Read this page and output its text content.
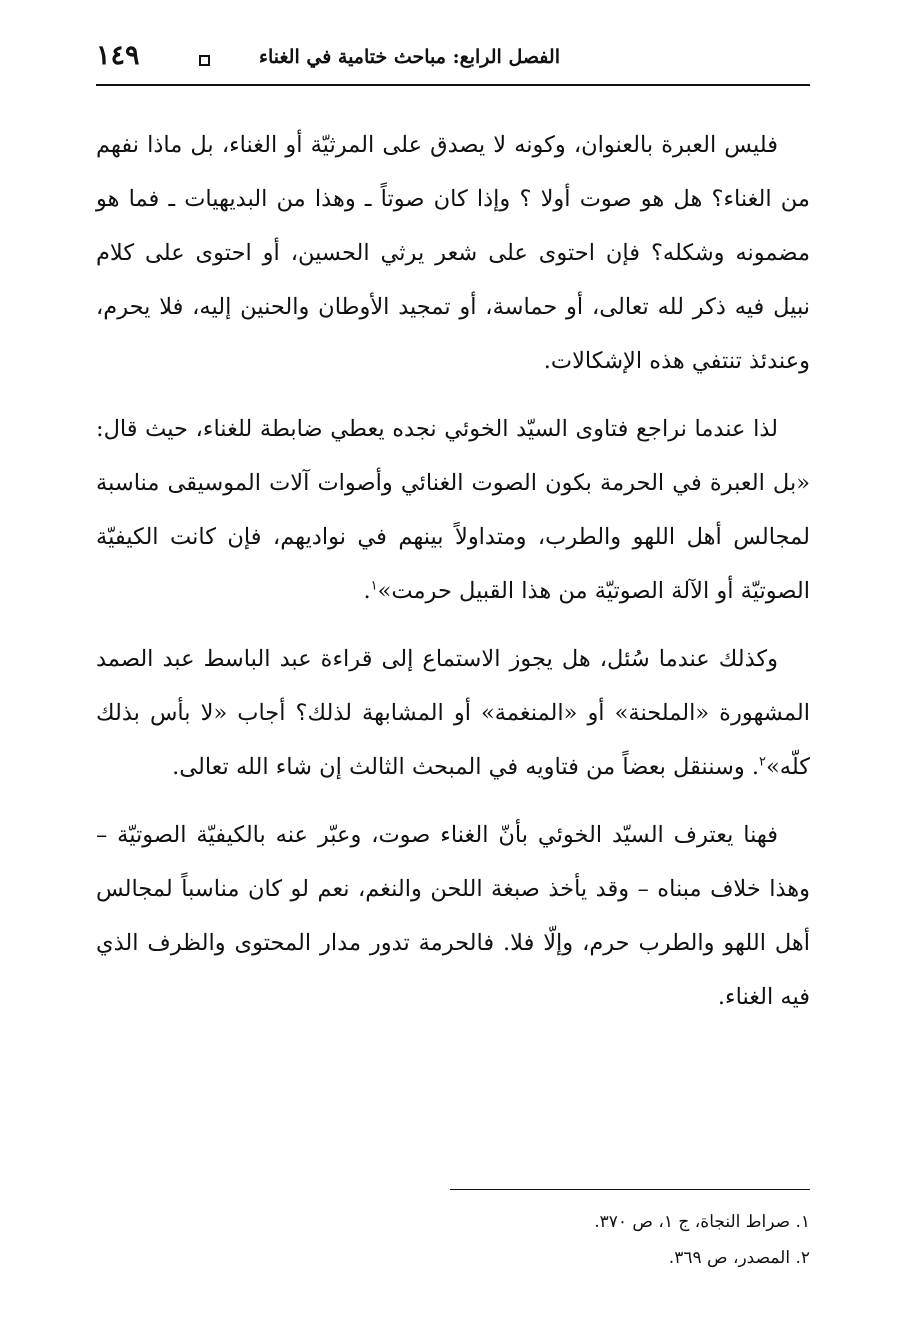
الفصل الرابع: مباحث ختامية في الغناء
١٤٩

فليس العبرة بالعنوان، وكونه لا يصدق على المرثيّة أو الغناء، بل ماذا نفهم من الغناء؟ هل هو صوت أولا ؟ وإذا كان صوتاً ـ وهذا من البديهيات ـ فما هو مضمونه وشكله؟ فإن احتوى على شعر يرثي الحسين، أو احتوى على كلام نبيل فيه ذكر لله تعالى، أو حماسة، أو تمجيد الأوطان والحنين إليه، فلا يحرم، وعندئذ تنتفي هذه الإشكالات.

لذا عندما نراجع فتاوى السيّد الخوئي نجده يعطي ضابطة للغناء، حيث قال: «بل العبرة في الحرمة بكون الصوت الغنائي وأصوات آلات الموسيقى مناسبة لمجالس أهل اللهو والطرب، ومتداولاً بينهم في نواديهم، فإن كانت الكيفيّة الصوتيّة أو الآلة الصوتيّة من هذا القبيل حرمت»$^١$.

وكذلك عندما سُئل، هل يجوز الاستماع إلى قراءة عبد الباسط عبد الصمد المشهورة «الملحنة» أو «المنغمة» أو المشابهة لذلك؟ أجاب «لا بأس بذلك كلّه»$^٢$. وسننقل بعضاً من فتاويه في المبحث الثالث إن شاء الله تعالى.

فهنا يعترف السيّد الخوئي بأنّ الغناء صوت، وعبّر عنه بالكيفيّة الصوتيّة – وهذا خلاف مبناه – وقد يأخذ صبغة اللحن والنغم، نعم لو كان مناسباً لمجالس أهل اللهو والطرب حرم، وإلّا فلا. فالحرمة تدور مدار المحتوى والظرف الذي فيه الغناء.

١. صراط النجاة، ج ١، ص ٣٧٠.

٢. المصدر، ص ٣٦٩.
